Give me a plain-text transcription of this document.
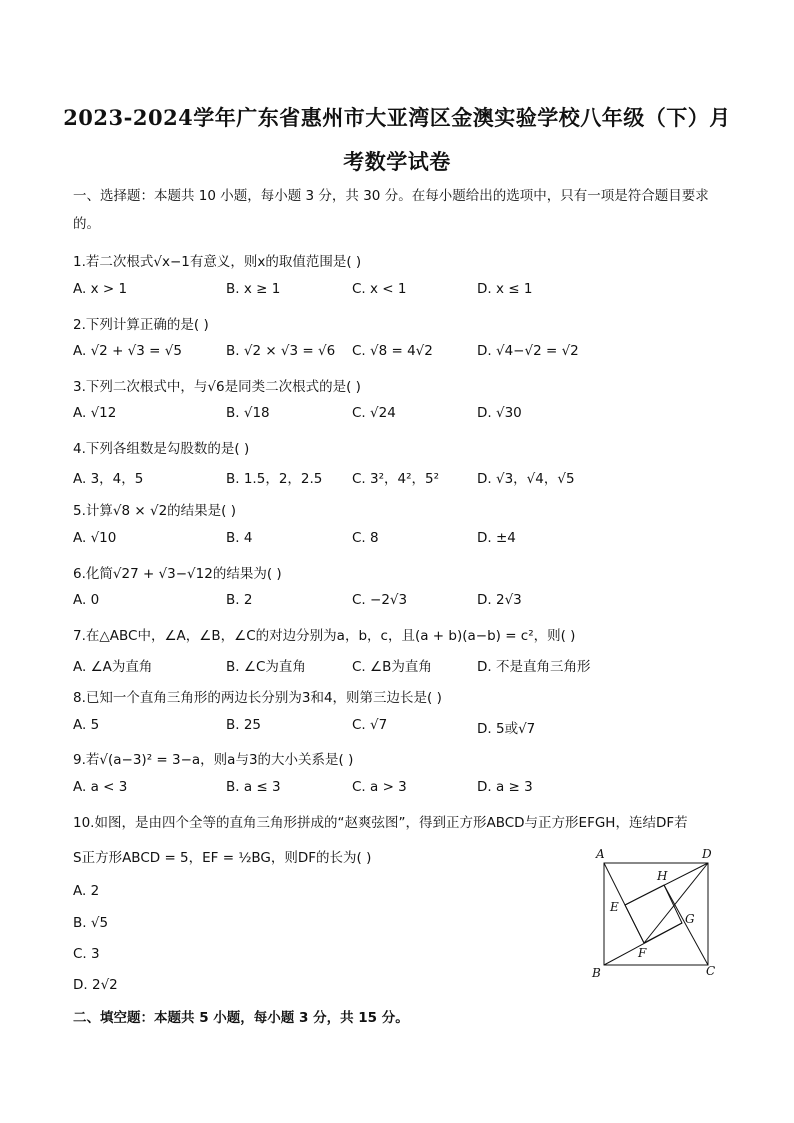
2023-2024学年广东省惠州市大亚湾区金澳实验学校八年级（下）月
考数学试卷
一、选择题：本题共 10 小题，每小题 3 分，共 30 分。在每小题给出的选项中，只有一项是符合题目要求
的。
1.若二次根式√x−1有意义，则x的取值范围是( )
A. x > 1	B. x ≥ 1	C. x < 1	D. x ≤ 1
2.下列计算正确的是( )
A. √2 + √3 = √5	B. √2 × √3 = √6 C. √8 = 4√2	D. √4−√2 = √2
3.下列二次根式中，与√6是同类二次根式的是( )
A. √12	B. √18	C. √24	D. √30
4.下列各组数是勾股数的是( )
A. 3，4，5	B. 1.5，2，2.5 C. 3²，4²，5²	D. √3，√4，√5
5.计算√8 × √2的结果是( )
A. √10	B. 4	C. 8	D. ±4
6.化简√27 + √3−√12的结果为( )
A. 0	B. 2	C. −2√3	D. 2√3
7.在△ABC中，∠A，∠B，∠C的对边分别为a，b，c，且(a + b)(a−b) = c²，则( )
A. ∠A为直角	B. ∠C为直角	C. ∠B为直角	D. 不是直角三角形
8.已知一个直角三角形的两边长分别为3和4，则第三边长是( )
A. 5	B. 25	C. √7	D. 5或√7
9.若√(a−3)² = 3−a，则a与3的大小关系是( )
A. a < 3	B. a ≤ 3	C. a > 3	D. a ≥ 3
10.如图，是由四个全等的直角三角形拼成的“赵爽弦图”，得到正方形ABCD与正方形EFGH，连结DF若
S正方形ABCD = 5，EF = ½BG，则DF的长为( )
A. 2
B. √5
C. 3
D. 2√2
A	D
B	C
E
F
G
H
二、填空题：本题共 5 小题，每小题 3 分，共 15 分。
